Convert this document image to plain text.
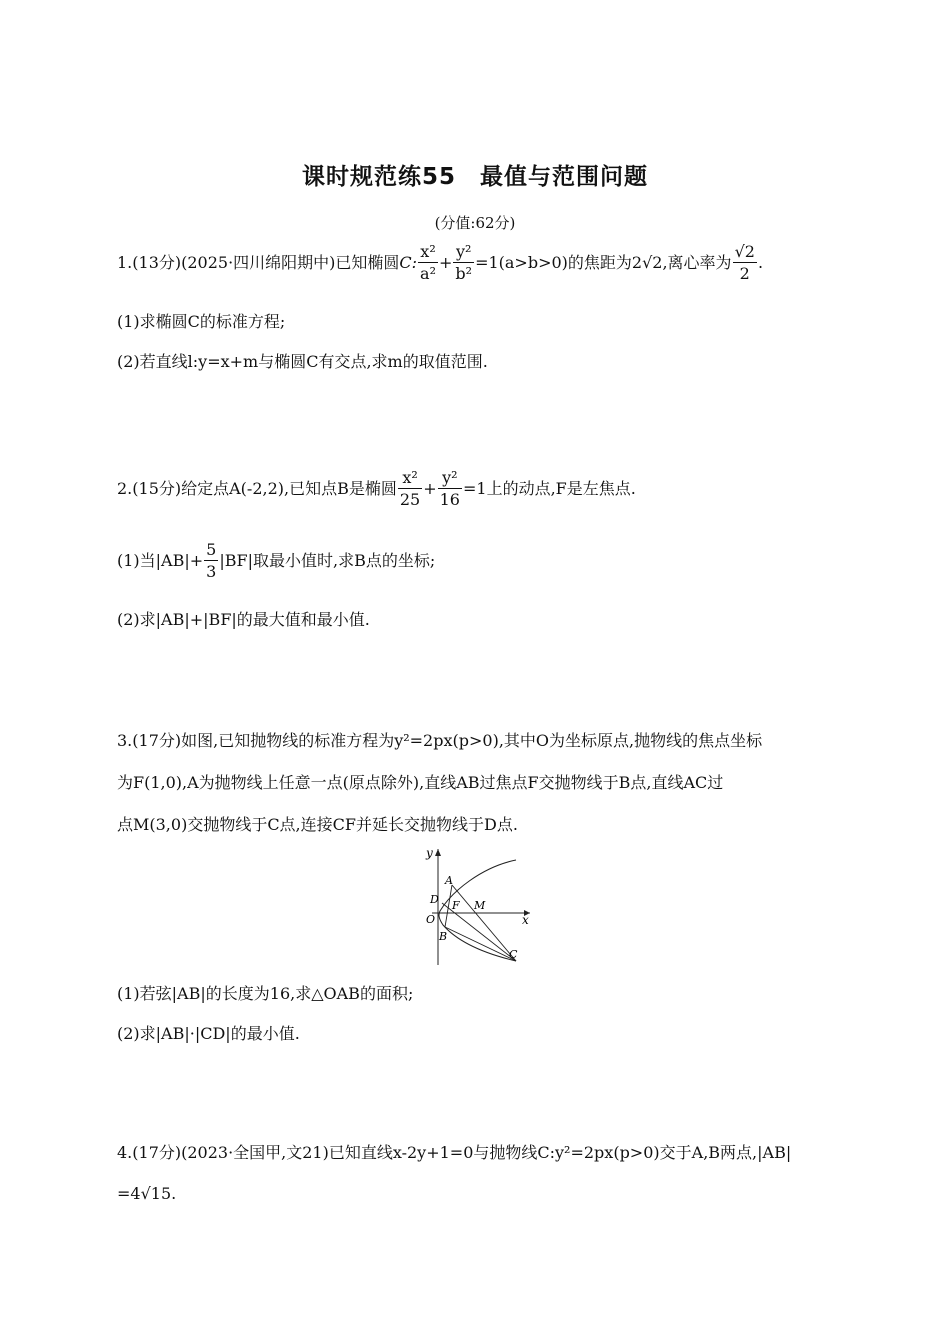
课时规范练55　最值与范围问题
(分值:62分)
1.(13分)(2025·四川绵阳期中)已知椭圆C: $\frac{\text{x²}}{\text{a²}} + \frac{\text{y²}}{\text{b²}} =1(a>b>0)$的焦距为2√2,离心率为 $\frac{√2}{2}$ .
(1)求椭圆C的标准方程;
(2)若直线l:y=x+m与椭圆C有交点,求m的取值范围.
2.(15分)给定点A(-2,2),已知点B是椭圆 $\frac{\text{x²}}{25} + \frac{\text{y²}}{16} =1$上的动点,F是左焦点.
(1)当$|AB|+ \frac{5}{3} |BF|$取最小值时,求B点的坐标;
(2)求|AB|+|BF|的最大值和最小值.
3.(17分)如图,已知抛物线的标准方程为y²=2px(p>0),其中O为坐标原点,抛物线的焦点坐标
为F(1,0),A为抛物线上任意一点(原点除外),直线AB过焦点F交抛物线于B点,直线AC过
点M(3,0)交抛物线于C点,连接CF并延长交抛物线于D点.
y
x
A
D F M
O
B
C
(1)若弦|AB|的长度为16,求△OAB的面积;
(2)求|AB|·|CD|的最小值.
4.(17分)(2023·全国甲,文21)已知直线x-2y+1=0与抛物线C:y²=2px(p>0)交于A,B两点,|AB|
=4√15.
